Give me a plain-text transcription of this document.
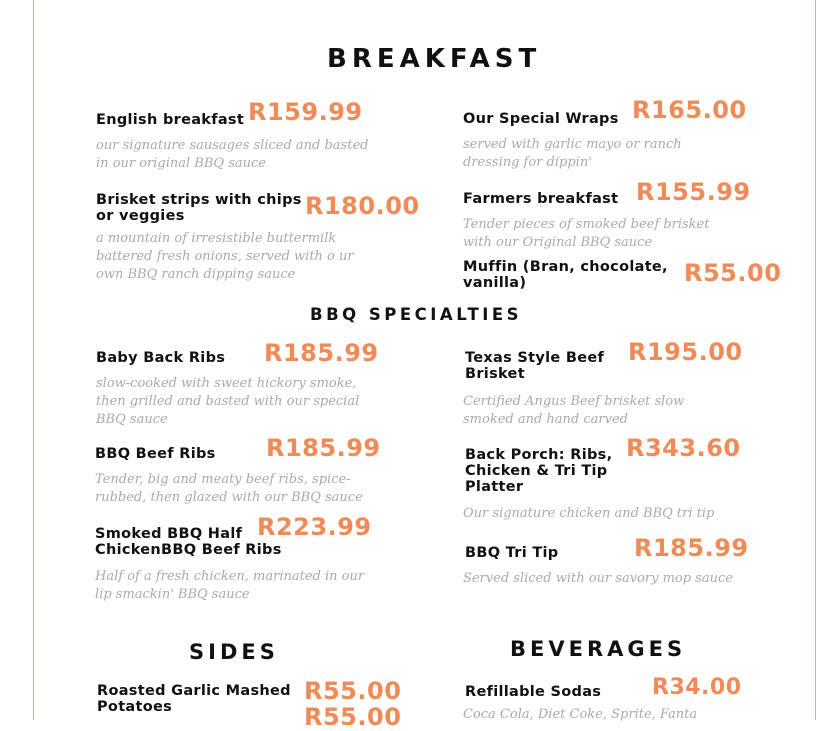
BREAKFAST
English breakfast R159.99
our signature sausages sliced and basted
in our original BBQ sauce
Brisket strips with chips
or veggies	R180.00
a mountain of irresistible buttermilk
battered fresh onions, served with o ur
own BBQ ranch dipping sauce
Our Special Wraps R165.00
served with garlic mayo or ranch
dressing for dippin'
Farmers breakfast R155.99
Tender pieces of smoked beef brisket
with our Original BBQ sauce
Muffin (Bran, chocolate,
vanilla)	R55.00
BBQ SPECIALTIES
Baby Back Ribs R185.99
slow-cooked with sweet hickory smoke,
then grilled and basted with our special
BBQ sauce
BBQ Beef Ribs R185.99
Tender, big and meaty beef ribs, spice-
rubbed, then glazed with our BBQ sauce
Smoked BBQ Half
ChickenBBQ Beef Ribs
R223.99
Half of a fresh chicken, marinated in our
lip smackin' BBQ sauce
Texas Style Beef
Brisket
R195.00
Certified Angus Beef brisket slow
smoked and hand carved
Back Porch: Ribs,
Chicken & Tri Tip
Platter
R343.60
Our signature chicken and BBQ tri tip
BBQ Tri Tip	R185.99
Served sliced with our savory mop sauce
SIDES
Roasted Garlic Mashed
Potatoes
R55.00
R55.00
BEVERAGES
Refillable Sodas R34.00
Coca Cola, Diet Coke, Sprite, Fanta
